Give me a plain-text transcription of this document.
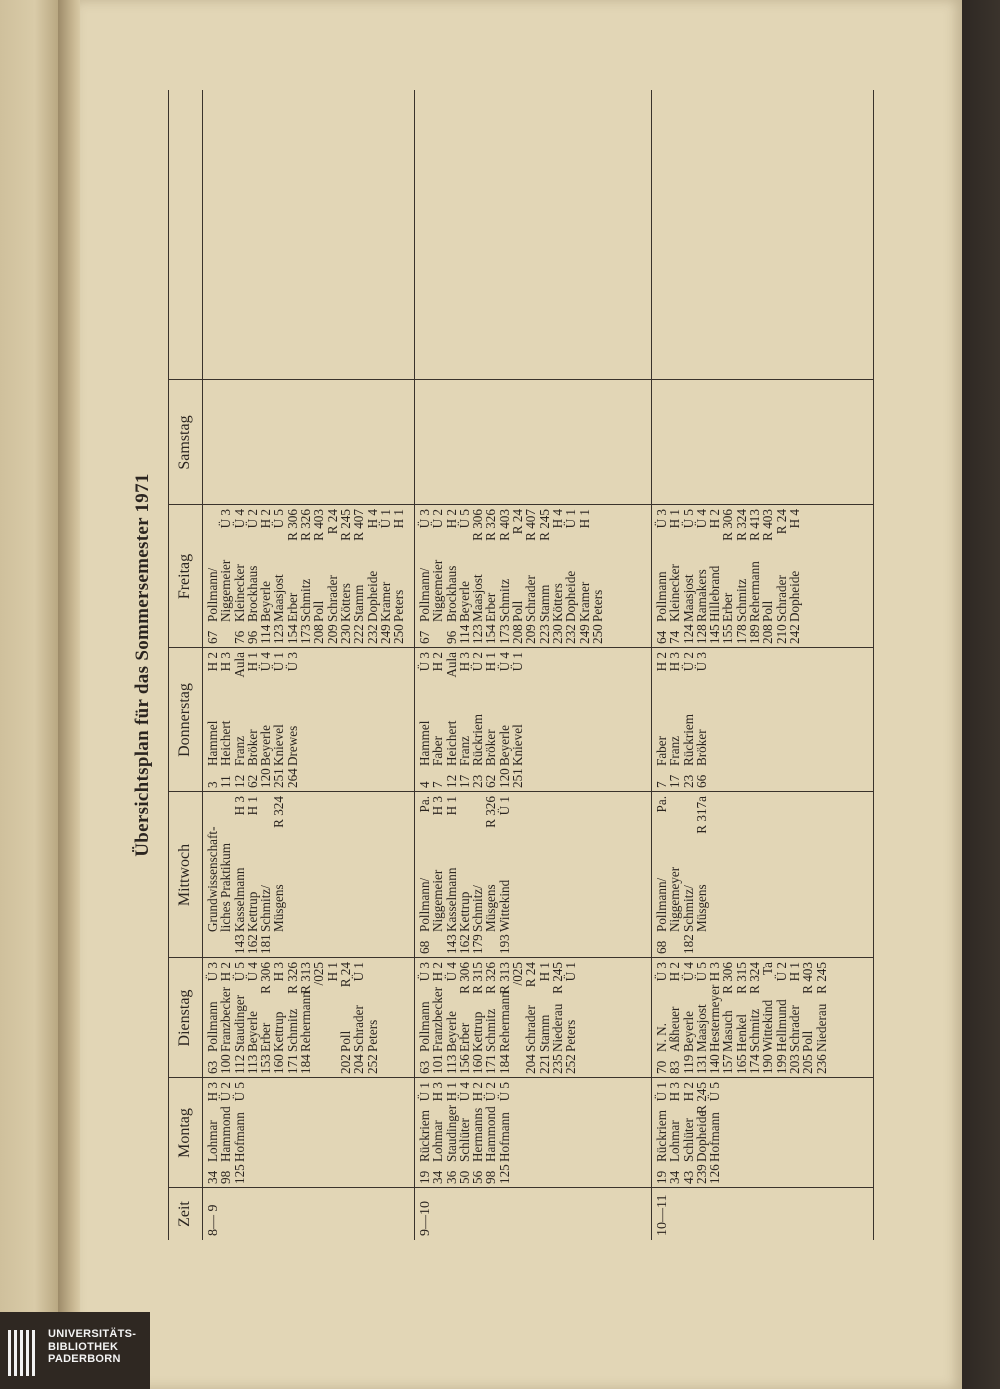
Übersichtsplan für das Sommersemester 1971
Zeit
Montag
Dienstag
Mittwoch
Donnerstag
Freitag
Samstag
8— 9
34
Lohmar
H 3
98
Hammond
Ü 2
125
Hofmann
Ü 5
63
Pollmann
Ü 3
100
Franzbecker
H 2
112
Staudinger
Ü 5
113
Beyerle
Ü 4
153
Erber
R 306
160
Kettrup
H 3
171
Schmitz
R 326
184
Rehermann
R 313
/025
H 1
202
Poll
R 24
204
Schrader
Ü 1
252
Peters
Grundwissenschaft-
liches Praktikum
143
Kasselmann
H 3
162
Kettrup
H 1
181
Schmitz/
Müsgens
R 324
3
Hammel
H 2
11
Heichert
H 3
12
Franz
Aula
62
Bröker
H 1
120
Beyerle
Ü 4
251
Knievel
Ü 1
264
Drewes
Ü 3
67
Pollmann/
Niggemeier
Ü 3
76
Kleinecker
Ü 4
96
Brockhaus
Ü 2
114
Beyerle
H 2
123
Maasjost
Ü 5
154
Erber
R 306
173
Schmitz
R 326
208
Poll
R 403
209
Schrader
R 24
230
Kötters
R 245
222
Stamm
R 407
232
Dopheide
H 4
249
Kramer
Ü 1
250
Peters
H 1
9—10
19
Rückriem
Ü 1
34
Lohmar
H 3
36
Staudinger
H 1
50
Schlüter
Ü 4
56
Hermanns
H 2
98
Hammond
Ü 2
125
Hofmann
Ü 5
63
Pollmann
Ü 3
101
Franzbecker
H 2
113
Beyerle
Ü 4
156
Erber
R 306
160
Kettrup
R 315
171
Schmitz
R 326
184
Rehermann
R 313
/025
204
Schrader
R 24
221
Stamm
H 1
235
Niederau
R 245
252
Peters
Ü 1
68
Pollmann/
Pa.
Niggemeier
H 3
143
Kasselmann
H 1
162
Kettrup
179
Schmitz/
Müsgens
R 326
193
Wittekind
Ü 1
4
Hammel
Ü 3
7
Faber
H 2
12
Heichert
Aula
17
Franz
H 3
23
Rückriem
Ü 2
62
Bröker
H 1
120
Beyerle
Ü 4
251
Knievel
Ü 1
67
Pollmann/
Ü 3
Niggemeier
Ü 2
96
Brockhaus
H 2
114
Beyerle
Ü 5
123
Maasjost
R 306
154
Erber
R 326
173
Schmitz
R 403
208
Poll
R 24
209
Schrader
R 407
223
Stamm
R 245
230
Kötters
H 4
232
Dopheide
Ü 1
249
Kramer
H 1
250
Peters
10—11
19
Rückriem
Ü 1
34
Lohmar
H 3
43
Schlüter
H 2
239
Dopheide
R 245
126
Hofmann
Ü 5
70
N. N.
Ü 3
83
Aßheuer
H 2
119
Beyerle
Ü 4
131
Maasjost
Ü 5
140
Hestermeyer
H 3
157
Masuch
R 306
165
Henkel
R 315
174
Schmitz
R 324
190
Wittekind
Ta
199
Hellmund
Ü 2
203
Schrader
H 1
205
Poll
R 403
236
Niederau
R 245
68
Pollmann/
Pa.
Niggemeyer
182
Schmitz/
Müsgens
R 317a
7
Faber
H 2
17
Franz
H 3
23
Rückriem
Ü 2
66
Bröker
Ü 3
64
Pollmann
Ü 3
74
Kleinecker
H 1
124
Maasjost
Ü 5
128
Ramakers
Ü 4
145
Hillebrand
H 2
155
Erber
R 306
178
Schmitz
R 324
189
Rehermann
R 413
208
Poll
R 403
210
Schrader
R 24
242
Dopheide
H 4
UNIVERSITÄTS-
BIBLIOTHEK
PADERBORN
